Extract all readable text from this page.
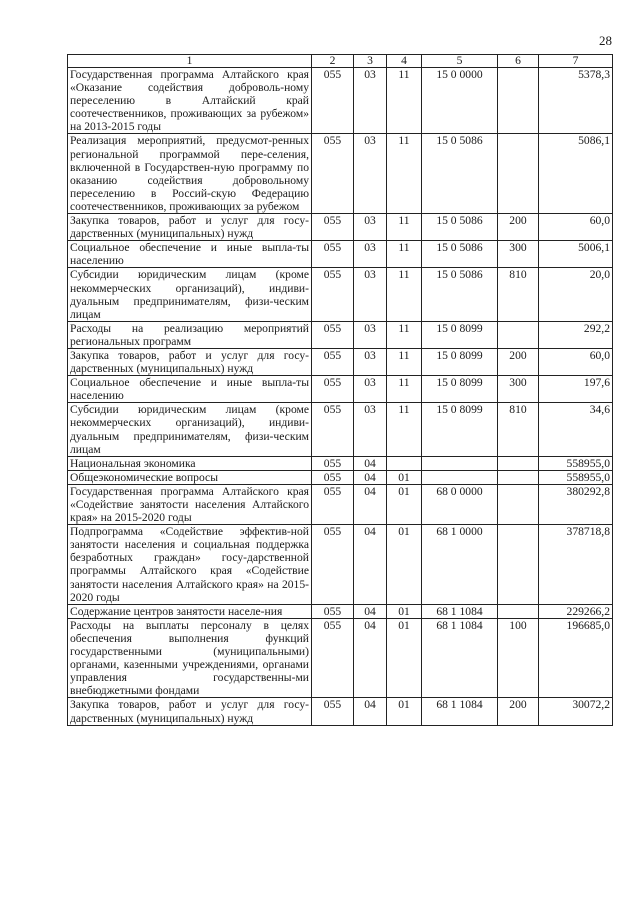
28
1	2	3	4	5	6	7
Государственная программа Алтайского края «Оказание содействия доброволь-ному переселению в Алтайский край соотечественников, проживающих за рубежом» на 2013-2015 годы	055	03	11	15 0 0000		5378,3
Реализация мероприятий, предусмот-ренных региональной программой пере-селения, включенной в Государствен-ную программу по оказанию содействия добровольному переселению в Россий-скую Федерацию соотечественников, проживающих за рубежом	055	03	11	15 0 5086		5086,1
Закупка товаров, работ и услуг для госу-дарственных (муниципальных) нужд	055	03	11	15 0 5086	200	60,0
Социальное обеспечение и иные выпла-ты населению	055	03	11	15 0 5086	300	5006,1
Субсидии юридическим лицам (кроме некоммерческих организаций), индиви-дуальным предпринимателям, физи-ческим лицам	055	03	11	15 0 5086	810	20,0
Расходы на реализацию мероприятий региональных программ	055	03	11	15 0 8099		292,2
Закупка товаров, работ и услуг для госу-дарственных (муниципальных) нужд	055	03	11	15 0 8099	200	60,0
Социальное обеспечение и иные выпла-ты населению	055	03	11	15 0 8099	300	197,6
Субсидии юридическим лицам (кроме некоммерческих организаций), индиви-дуальным предпринимателям, физи-ческим лицам	055	03	11	15 0 8099	810	34,6
Национальная экономика	055	04				558955,0
Общеэкономические вопросы	055	04	01			558955,0
Государственная программа Алтайского края «Содействие занятости населения Алтайского края» на 2015-2020 годы	055	04	01	68 0 0000		380292,8
Подпрограмма «Содействие эффектив-ной занятости населения и социальная поддержка безработных граждан» госу-дарственной программы Алтайского края «Содействие занятости населения Алтайского края» на 2015-2020 годы	055	04	01	68 1 0000		378718,8
Содержание центров занятости населе-ния	055	04	01	68 1 1084		229266,2
Расходы на выплаты персоналу в целях обеспечения выполнения функций государственными (муниципальными) органами, казенными учреждениями, органами управления государственны-ми внебюджетными фондами	055	04	01	68 1 1084	100	196685,0
Закупка товаров, работ и услуг для госу-дарственных (муниципальных) нужд	055	04	01	68 1 1084	200	30072,2
